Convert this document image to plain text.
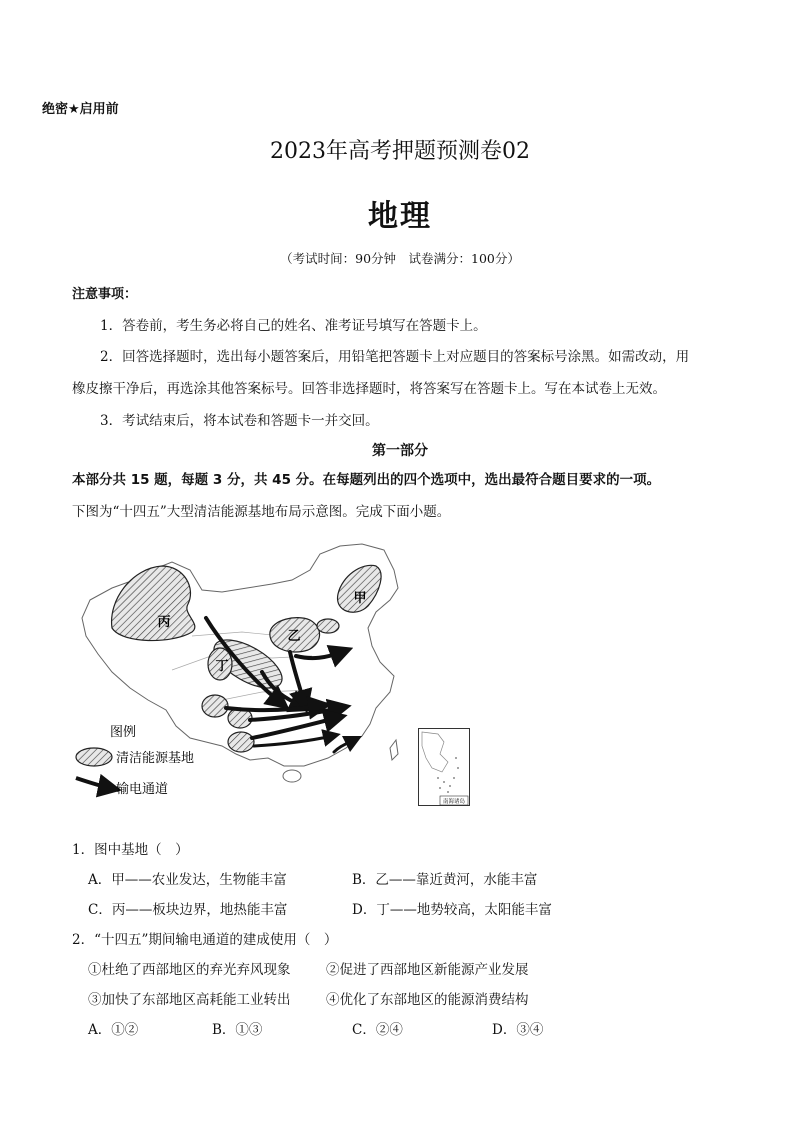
绝密★启用前
2023年高考押题预测卷02
地理
（考试时间：90分钟　试卷满分：100分）
注意事项：
1．答卷前，考生务必将自己的姓名、准考证号填写在答题卡上。
2．回答选择题时，选出每小题答案后，用铅笔把答题卡上对应题目的答案标号涂黑。如需改动，用
橡皮擦干净后，再选涂其他答案标号。回答非选择题时，将答案写在答题卡上。写在本试卷上无效。
3．考试结束后，将本试卷和答题卡一并交回。
第一部分
本部分共 15 题，每题 3 分，共 45 分。在每题列出的四个选项中，选出最符合题目要求的一项。
下图为“十四五”大型清洁能源基地布局示意图。完成下面小题。
丙
甲
乙
丁
图例
清洁能源基地
输电通道
南海诸岛
1．图中基地（　）
A．甲——农业发达，生物能丰富	B．乙——靠近黄河，水能丰富
C．丙——板块边界，地热能丰富	D．丁——地势较高，太阳能丰富
2．“十四五”期间输电通道的建成使用（　）
①杜绝了西部地区的弃光弃风现象	②促进了西部地区新能源产业发展
③加快了东部地区高耗能工业转出	④优化了东部地区的能源消费结构
A．①②	B．①③	C．②④	D．③④
